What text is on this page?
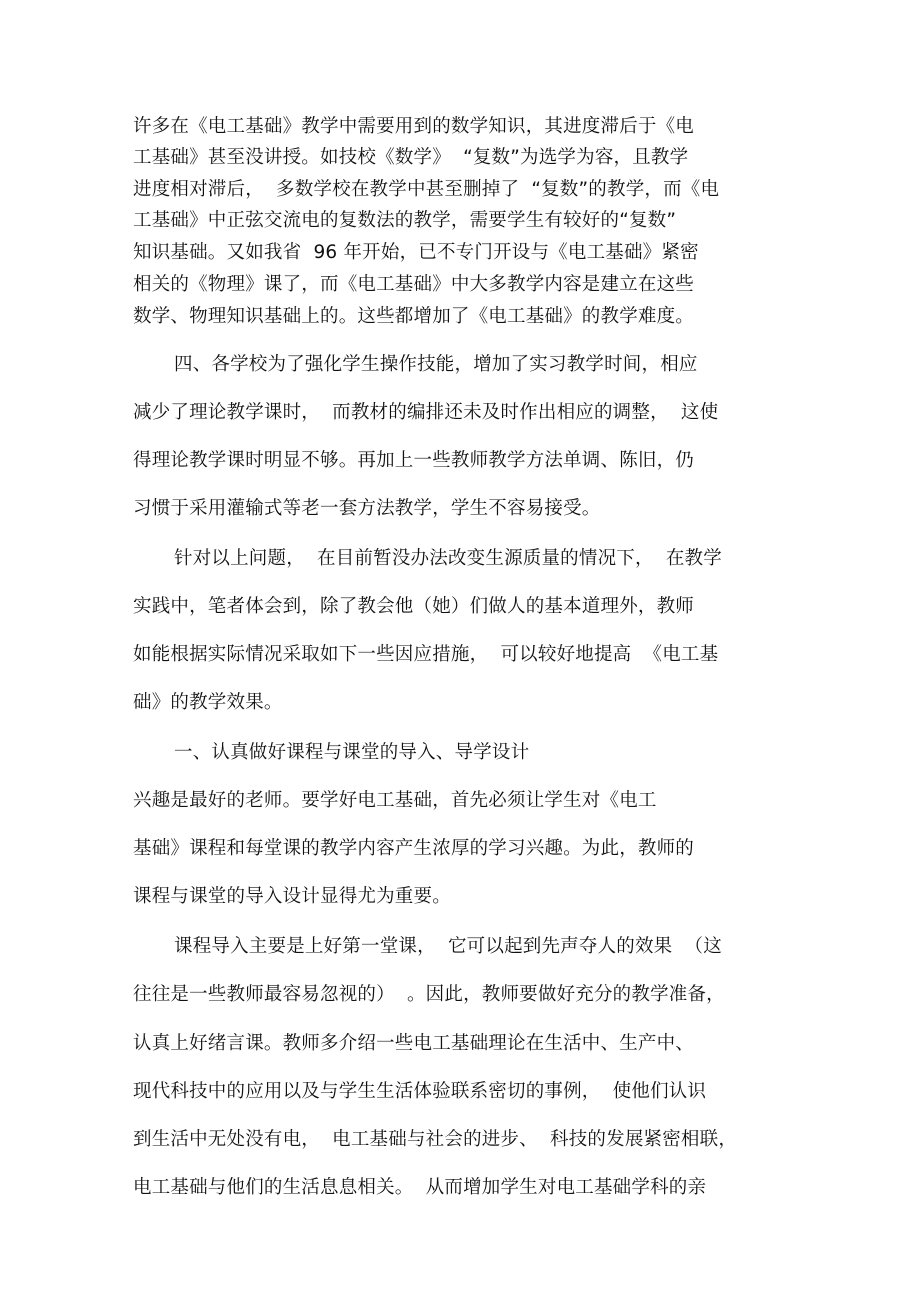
许多在《电工基础》教学中需要用到的数学知识，其进度滞后于《电
工基础》甚至没讲授。如技校《数学》  “复数”为选学为容，且教学
进度相对滞后，  多数学校在教学中甚至删掉了  “复数”的教学，而《电
工基础》中正弦交流电的复数法的教学，需要学生有较好的“复数”
知识基础。又如我省  96 年开始，已不专门开设与《电工基础》紧密
相关的《物理》课了，而《电工基础》中大多教学内容是建立在这些
数学、物理知识基础上的。这些都增加了《电工基础》的教学难度。
四、各学校为了强化学生操作技能，增加了实习教学时间，相应
减少了理论教学课时，  而教材的编排还未及时作出相应的调整，  这使
得理论教学课时明显不够。再加上一些教师教学方法单调、陈旧，仍
习惯于采用灌输式等老一套方法教学，学生不容易接受。
针对以上问题，  在目前暂没办法改变生源质量的情况下，  在教学
实践中，笔者体会到，除了教会他（她）们做人的基本道理外，教师
如能根据实际情况采取如下一些因应措施，  可以较好地提高  《电工基
础》的教学效果。
一、认真做好课程与课堂的导入、导学设计
兴趣是最好的老师。要学好电工基础，首先必须让学生对《电工
基础》课程和每堂课的教学内容产生浓厚的学习兴趣。为此，教师的
课程与课堂的导入设计显得尤为重要。
课程导入主要是上好第一堂课，  它可以起到先声夺人的效果  （这
往往是一些教师最容易忽视的）  。因此，教师要做好充分的教学准备，
认真上好绪言课。教师多介绍一些电工基础理论在生活中、生产中、
现代科技中的应用以及与学生生活体验联系密切的事例，  使他们认识
到生活中无处没有电，  电工基础与社会的进步、  科技的发展紧密相联，
电工基础与他们的生活息息相关。  从而增加学生对电工基础学科的亲
